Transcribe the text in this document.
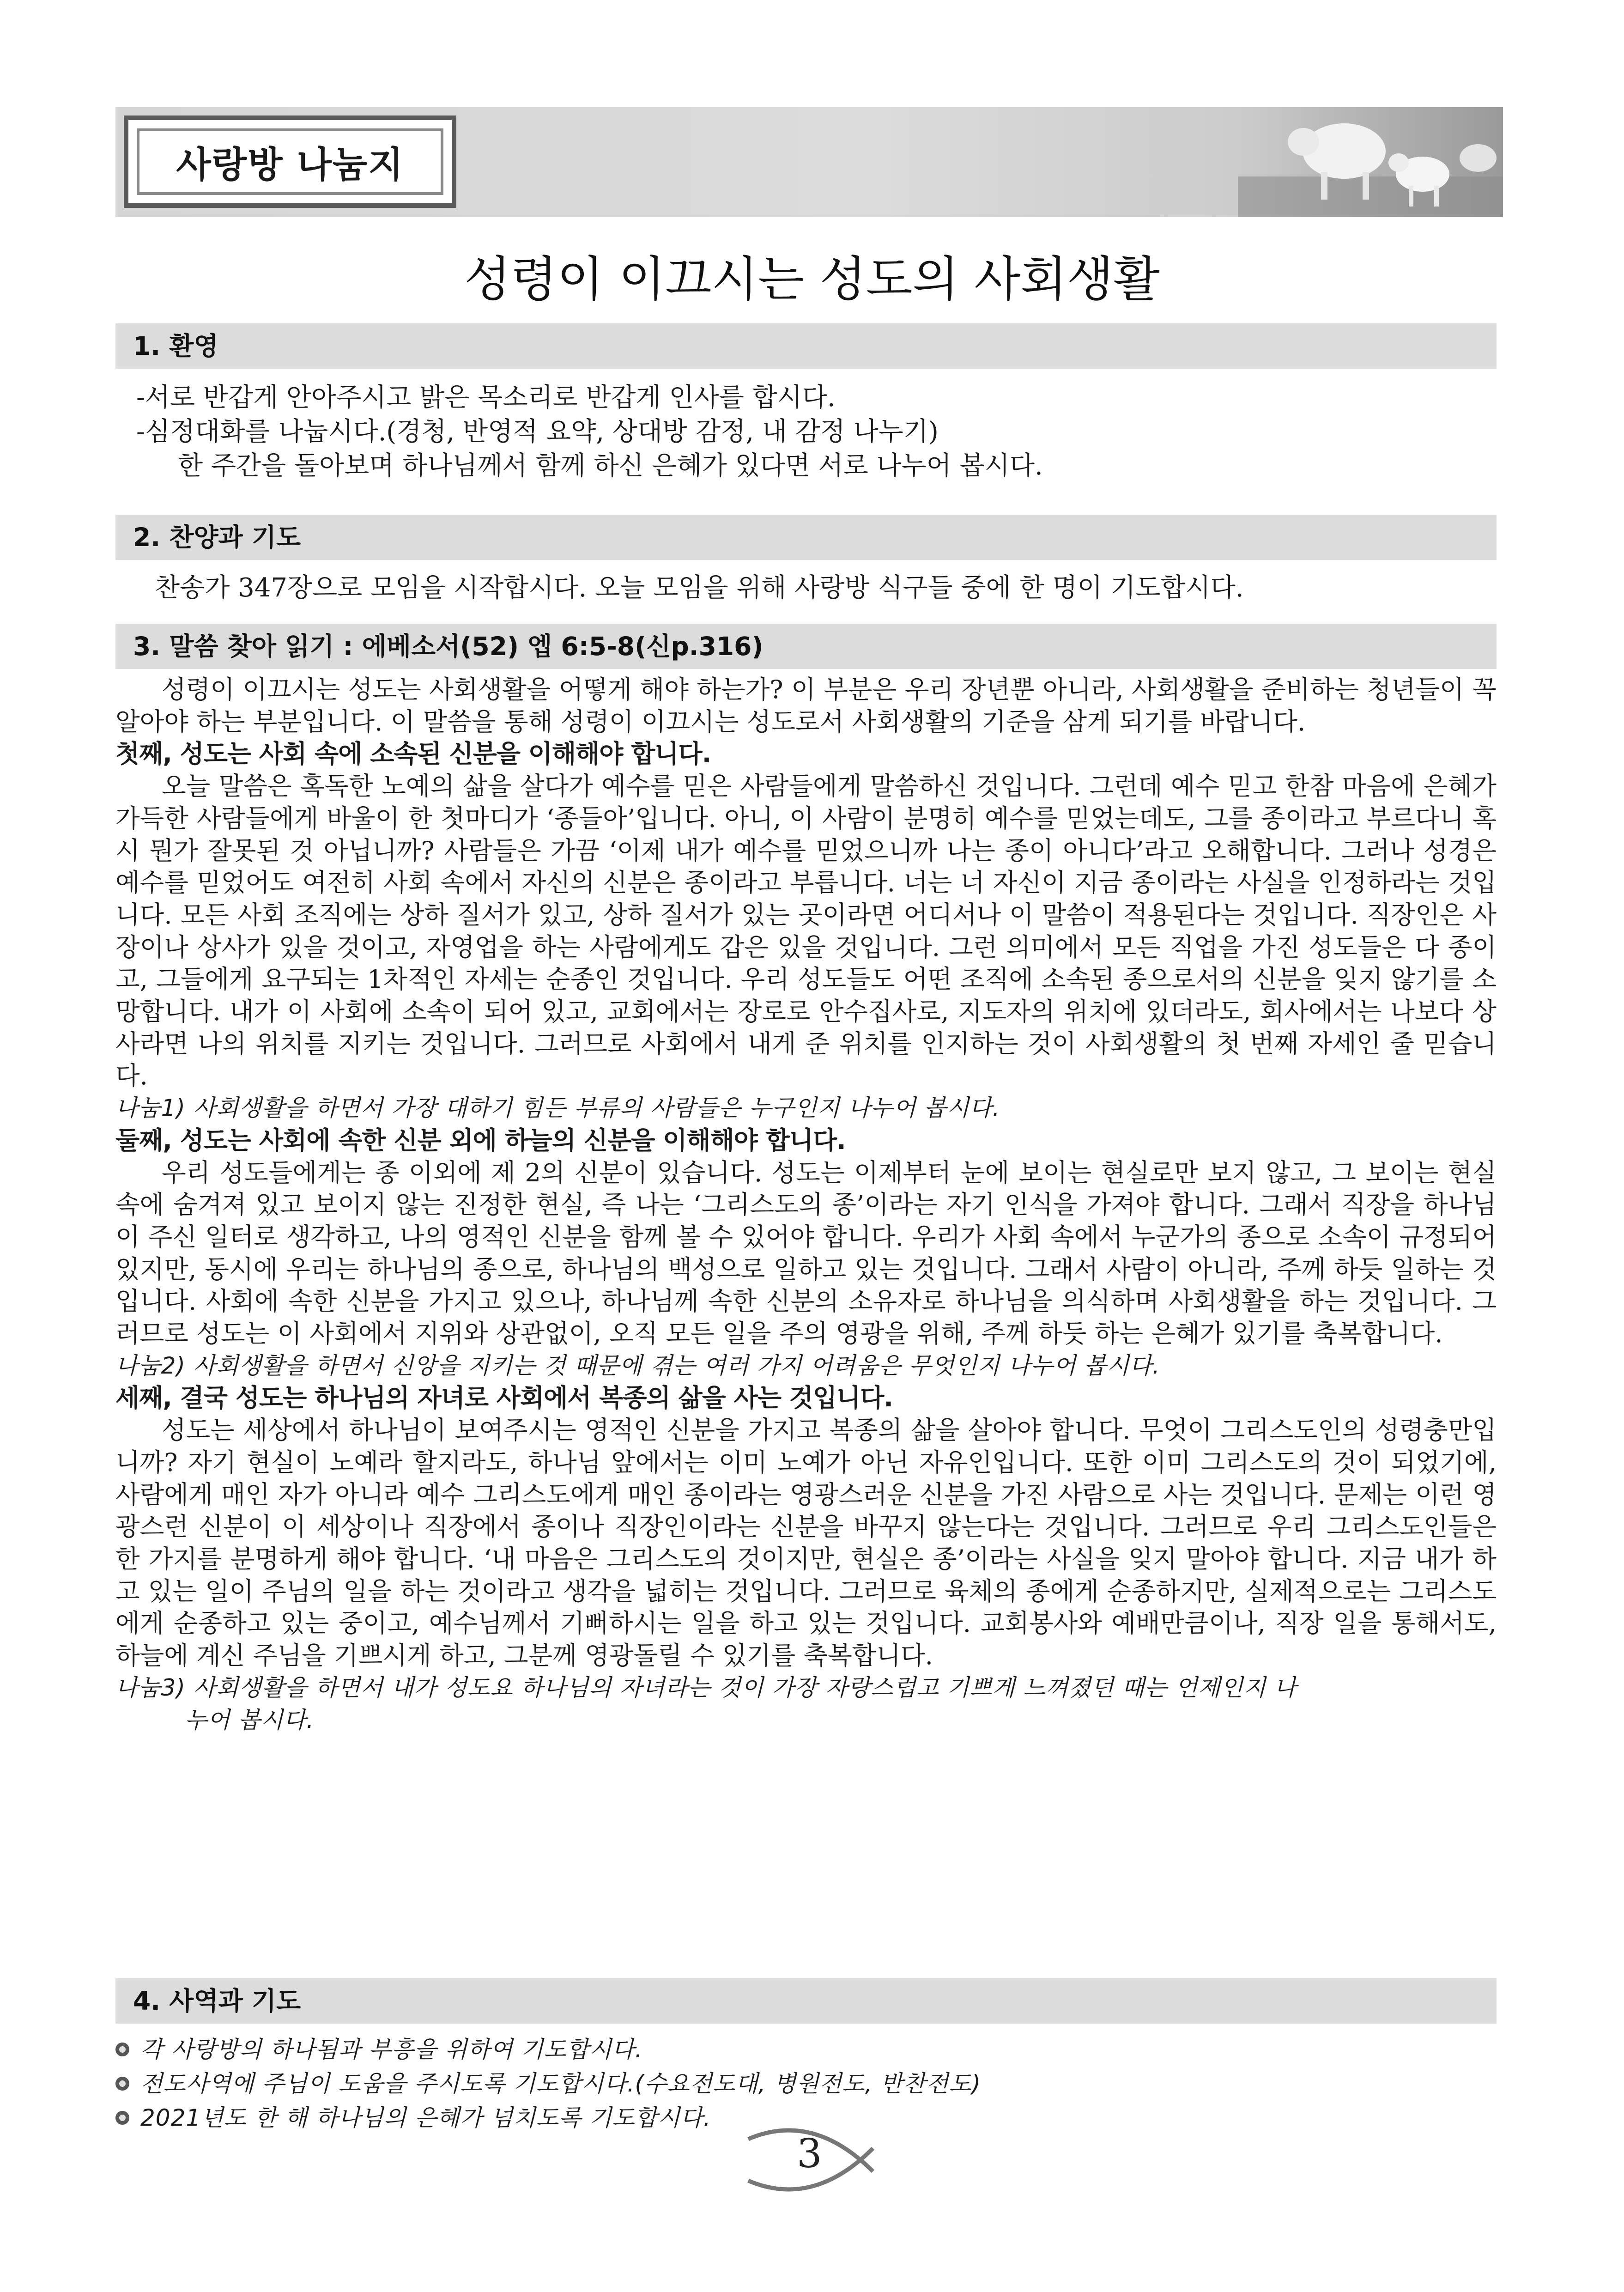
사랑방 나눔지
성령이 이끄시는 성도의 사회생활
1. 환영
-서로 반갑게 안아주시고 밝은 목소리로 반갑게 인사를 합시다.
-심정대화를 나눕시다.(경청, 반영적 요약, 상대방 감정, 내 감정 나누기)
한 주간을 돌아보며 하나님께서 함께 하신 은혜가 있다면 서로 나누어 봅시다.
2. 찬양과 기도
찬송가 347장으로 모임을 시작합시다. 오늘 모임을 위해 사랑방 식구들 중에 한 명이 기도합시다.
3. 말씀 찾아 읽기 : 에베소서(52) 엡 6:5-8(신p.316)

성령이 이끄시는 성도는 사회생활을 어떻게 해야 하는가? 이 부분은 우리 장년뿐 아니라, 사회생활을 준비하는 청년들이 꼭 알아야 하는 부분입니다. 이 말씀을 통해 성령이 이끄시는 성도로서 사회생활의 기준을 삼게 되기를 바랍니다.

첫째, 성도는 사회 속에 소속된 신분을 이해해야 합니다.

오늘 말씀은 혹독한 노예의 삶을 살다가 예수를 믿은 사람들에게 말씀하신 것입니다. 그런데 예수 믿고 한참 마음에 은혜가 가득한 사람들에게 바울이 한 첫마디가 ‘종들아’입니다. 아니, 이 사람이 분명히 예수를 믿었는데도, 그를 종이라고 부르다니 혹시 뭔가 잘못된 것 아닙니까? 사람들은 가끔 ‘이제 내가 예수를 믿었으니까 나는 종이 아니다’라고 오해합니다. 그러나 성경은 예수를 믿었어도 여전히 사회 속에서 자신의 신분은 종이라고 부릅니다. 너는 너 자신이 지금 종이라는 사실을 인정하라는 것입니다. 모든 사회 조직에는 상하 질서가 있고, 상하 질서가 있는 곳이라면 어디서나 이 말씀이 적용된다는 것입니다. 직장인은 사장이나 상사가 있을 것이고, 자영업을 하는 사람에게도 갑은 있을 것입니다. 그런 의미에서 모든 직업을 가진 성도들은 다 종이고, 그들에게 요구되는 1차적인 자세는 순종인 것입니다. 우리 성도들도 어떤 조직에 소속된 종으로서의 신분을 잊지 않기를 소망합니다. 내가 이 사회에 소속이 되어 있고, 교회에서는 장로로 안수집사로, 지도자의 위치에 있더라도, 회사에서는 나보다 상사라면 나의 위치를 지키는 것입니다. 그러므로 사회에서 내게 준 위치를 인지하는 것이 사회생활의 첫 번째 자세인 줄 믿습니다.

나눔1) 사회생활을 하면서 가장 대하기 힘든 부류의 사람들은 누구인지 나누어 봅시다.

둘째, 성도는 사회에 속한 신분 외에 하늘의 신분을 이해해야 합니다.

우리 성도들에게는 종 이외에 제 2의 신분이 있습니다. 성도는 이제부터 눈에 보이는 현실로만 보지 않고, 그 보이는 현실 속에 숨겨져 있고 보이지 않는 진정한 현실, 즉 나는 ‘그리스도의 종’이라는 자기 인식을 가져야 합니다. 그래서 직장을 하나님이 주신 일터로 생각하고, 나의 영적인 신분을 함께 볼 수 있어야 합니다. 우리가 사회 속에서 누군가의 종으로 소속이 규정되어 있지만, 동시에 우리는 하나님의 종으로, 하나님의 백성으로 일하고 있는 것입니다. 그래서 사람이 아니라, 주께 하듯 일하는 것입니다. 사회에 속한 신분을 가지고 있으나, 하나님께 속한 신분의 소유자로 하나님을 의식하며 사회생활을 하는 것입니다. 그러므로 성도는 이 사회에서 지위와 상관없이, 오직 모든 일을 주의 영광을 위해, 주께 하듯 하는 은혜가 있기를 축복합니다.

나눔2) 사회생활을 하면서 신앙을 지키는 것 때문에 겪는 여러 가지 어려움은 무엇인지 나누어 봅시다.

세째, 결국 성도는 하나님의 자녀로 사회에서 복종의 삶을 사는 것입니다.

성도는 세상에서 하나님이 보여주시는 영적인 신분을 가지고 복종의 삶을 살아야 합니다. 무엇이 그리스도인의 성령충만입니까? 자기 현실이 노예라 할지라도, 하나님 앞에서는 이미 노예가 아닌 자유인입니다. 또한 이미 그리스도의 것이 되었기에, 사람에게 매인 자가 아니라 예수 그리스도에게 매인 종이라는 영광스러운 신분을 가진 사람으로 사는 것입니다. 문제는 이런 영광스런 신분이 이 세상이나 직장에서 종이나 직장인이라는 신분을 바꾸지 않는다는 것입니다. 그러므로 우리 그리스도인들은 한 가지를 분명하게 해야 합니다. ‘내 마음은 그리스도의 것이지만, 현실은 종’이라는 사실을 잊지 말아야 합니다. 지금 내가 하고 있는 일이 주님의 일을 하는 것이라고 생각을 넓히는 것입니다. 그러므로 육체의 종에게 순종하지만, 실제적으로는 그리스도에게 순종하고 있는 중이고, 예수님께서 기뻐하시는 일을 하고 있는 것입니다. 교회봉사와 예배만큼이나, 직장 일을 통해서도, 하늘에 계신 주님을 기쁘시게 하고, 그분께 영광돌릴 수 있기를 축복합니다.

나눔3) 사회생활을 하면서 내가 성도요 하나님의 자녀라는 것이 가장 자랑스럽고 기쁘게 느껴졌던 때는 언제인지 나

누어 봅시다.

4. 사역과 기도
각 사랑방의 하나됨과 부흥을 위하여 기도합시다.
전도사역에 주님이 도움을 주시도록 기도합시다.(수요전도대, 병원전도, 반찬전도)
2021년도 한 해 하나님의 은혜가 넘치도록 기도합시다.
3
